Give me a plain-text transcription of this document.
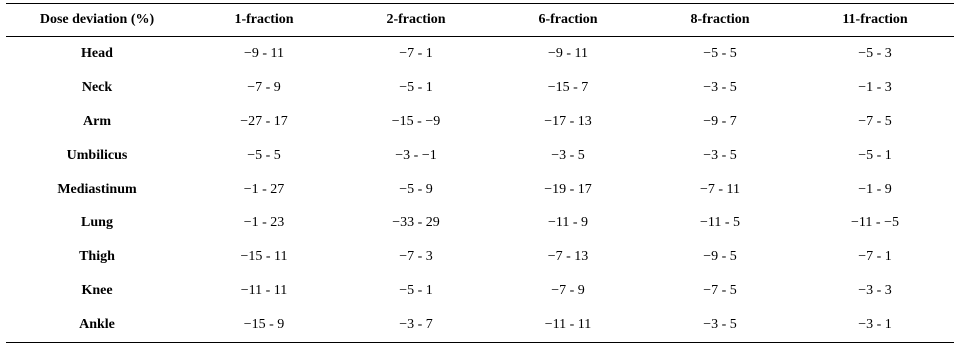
Dose deviation (%)	1-fraction	2-fraction	6-fraction	8-fraction	11-fraction
Head	−9 - 11	−7 - 1	−9 - 11	−5 - 5	−5 - 3
Neck	−7 - 9	−5 - 1	−15 - 7	−3 - 5	−1 - 3
Arm	−27 - 17	−15 - −9	−17 - 13	−9 - 7	−7 - 5
Umbilicus	−5 - 5	−3 - −1	−3 - 5	−3 - 5	−5 - 1
Mediastinum	−1 - 27	−5 - 9	−19 - 17	−7 - 11	−1 - 9
Lung	−1 - 23	−33 - 29	−11 - 9	−11 - 5	−11 - −5
Thigh	−15 - 11	−7 - 3	−7 - 13	−9 - 5	−7 - 1
Knee	−11 - 11	−5 - 1	−7 - 9	−7 - 5	−3 - 3
Ankle	−15 - 9	−3 - 7	−11 - 11	−3 - 5	−3 - 1
